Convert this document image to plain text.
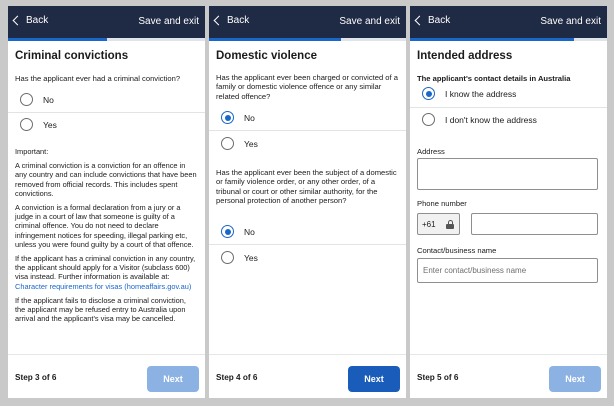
Back	Save and exit
Criminal convictions
Has the applicant ever had a criminal conviction?
No
Yes

Important:

A criminal conviction is a conviction for an offence in any country and can include convictions that have been removed from official records. This includes spent convictions.

A conviction is a formal declaration from a jury or a judge in a court of law that someone is guilty of a criminal offence. You do not need to declare infringement notices for speeding, illegal parking etc, unless you were found guilty by a court of that offence.

If the applicant has a criminal conviction in any country, the applicant should apply for a Visitor (subclass 600) visa instead. Further information is available at: Character requirements for visas (homeaffairs.gov.au)

If the applicant fails to disclose a criminal conviction, the applicant may be refused entry to Australia upon arrival and the applicant's visa may be cancelled.

Step 3 of 6	Next
Back	Save and exit
Domestic violence
Has the applicant ever been charged or convicted of a family or domestic violence offence or any similar related offence?
No
Yes
Has the applicant ever been the subject of a domestic or family violence order, or any other order, of a tribunal or court or other similar authority, for the personal protection of another person?
No
Yes
Step 4 of 6	Next
Back	Save and exit
Intended address
The applicant's contact details in Australia
I know the address
I don't know the address
Address
Phone number
+61
Contact/business name
Enter contact/business name
Step 5 of 6	Next
